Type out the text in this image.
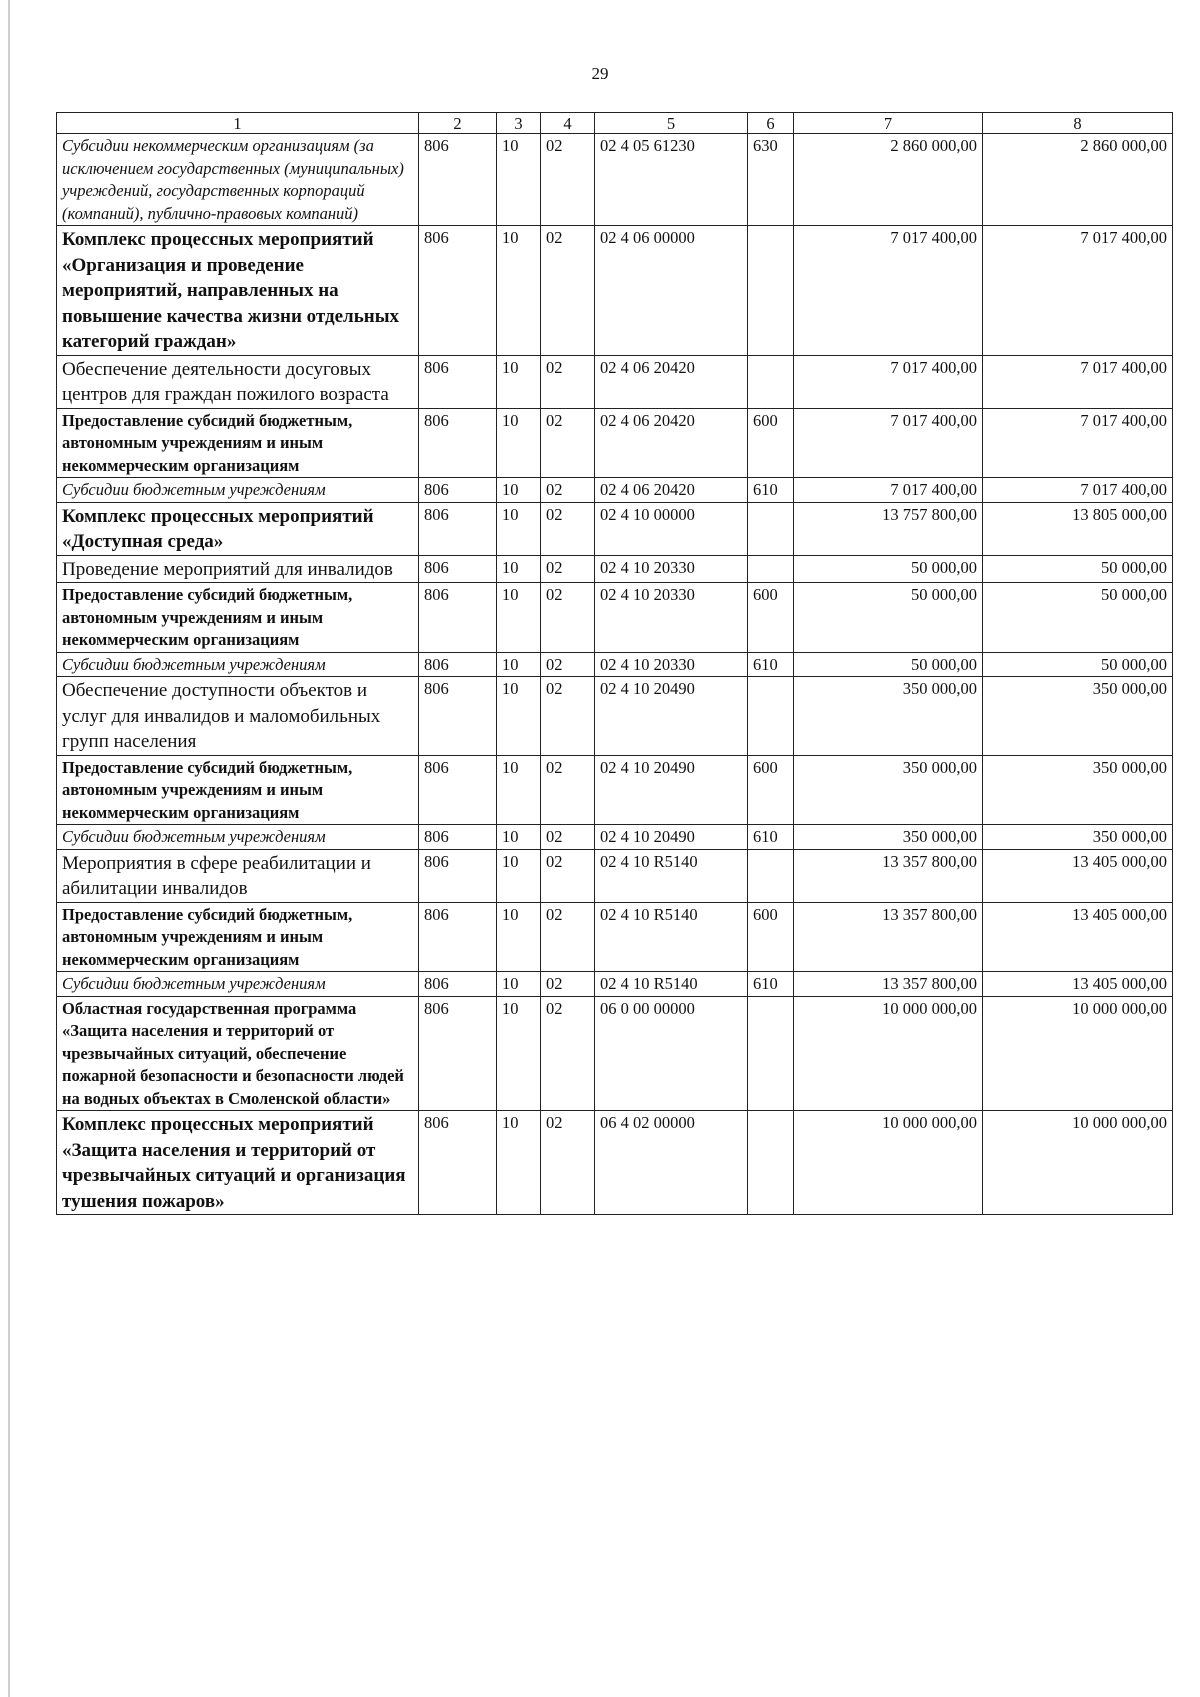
29
1	2	3	4	5	6	7	8
Субсидии некоммерческим организациям (за исключением государственных (муниципальных) учреждений, государственных корпораций (компаний), публично-правовых компаний)	806	10	02	02 4 05 61230	630	2 860 000,00	2 860 000,00
Комплекс процессных мероприятий «Организация и проведение мероприятий, направленных на повышение качества жизни отдельных категорий граждан»	806	10	02	02 4 06 00000		7 017 400,00	7 017 400,00
Обеспечение деятельности досуговых центров для граждан пожилого возраста	806	10	02	02 4 06 20420		7 017 400,00	7 017 400,00
Предоставление субсидий бюджетным, автономным учреждениям и иным некоммерческим организациям	806	10	02	02 4 06 20420	600	7 017 400,00	7 017 400,00
Субсидии бюджетным учреждениям	806	10	02	02 4 06 20420	610	7 017 400,00	7 017 400,00
Комплекс процессных мероприятий «Доступная среда»	806	10	02	02 4 10 00000		13 757 800,00	13 805 000,00
Проведение мероприятий для инвалидов	806	10	02	02 4 10 20330		50 000,00	50 000,00
Предоставление субсидий бюджетным, автономным учреждениям и иным некоммерческим организациям	806	10	02	02 4 10 20330	600	50 000,00	50 000,00
Субсидии бюджетным учреждениям	806	10	02	02 4 10 20330	610	50 000,00	50 000,00
Обеспечение доступности объектов и услуг для инвалидов и маломобильных групп населения	806	10	02	02 4 10 20490		350 000,00	350 000,00
Предоставление субсидий бюджетным, автономным учреждениям и иным некоммерческим организациям	806	10	02	02 4 10 20490	600	350 000,00	350 000,00
Субсидии бюджетным учреждениям	806	10	02	02 4 10 20490	610	350 000,00	350 000,00
Мероприятия в сфере реабилитации и абилитации инвалидов	806	10	02	02 4 10 R5140		13 357 800,00	13 405 000,00
Предоставление субсидий бюджетным, автономным учреждениям и иным некоммерческим организациям	806	10	02	02 4 10 R5140	600	13 357 800,00	13 405 000,00
Субсидии бюджетным учреждениям	806	10	02	02 4 10 R5140	610	13 357 800,00	13 405 000,00
Областная государственная программа «Защита населения и территорий от чрезвычайных ситуаций, обеспечение пожарной безопасности и безопасности людей на водных объектах в Смоленской области»	806	10	02	06 0 00 00000		10 000 000,00	10 000 000,00
Комплекс процессных мероприятий «Защита населения и территорий от чрезвычайных ситуаций и организация тушения пожаров»	806	10	02	06 4 02 00000		10 000 000,00	10 000 000,00
